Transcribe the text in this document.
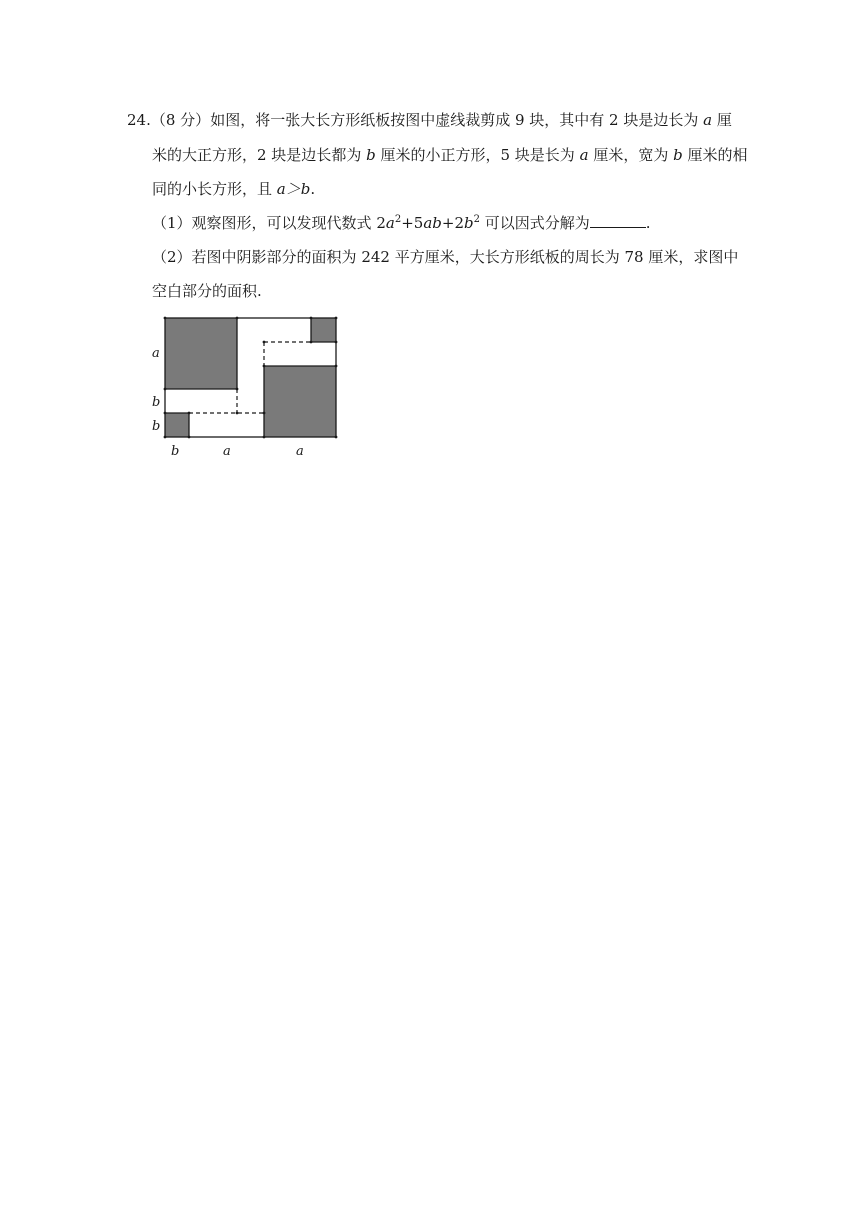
24.（8 分）如图，将一张大长方形纸板按图中虚线裁剪成 9 块，其中有 2 块是边长为 a 厘
米的大正方形，2 块是边长都为 b 厘米的小正方形，5 块是长为 a 厘米，宽为 b 厘米的相
同的小长方形，且 a＞b.
（1）观察图形，可以发现代数式 $2a^2+5ab+2b^2$ 可以因式分解为	.
（2）若图中阴影部分的面积为 242 平方厘米，大长方形纸板的周长为 78 厘米，求图中
空白部分的面积.
a
b
b
b	a	a
